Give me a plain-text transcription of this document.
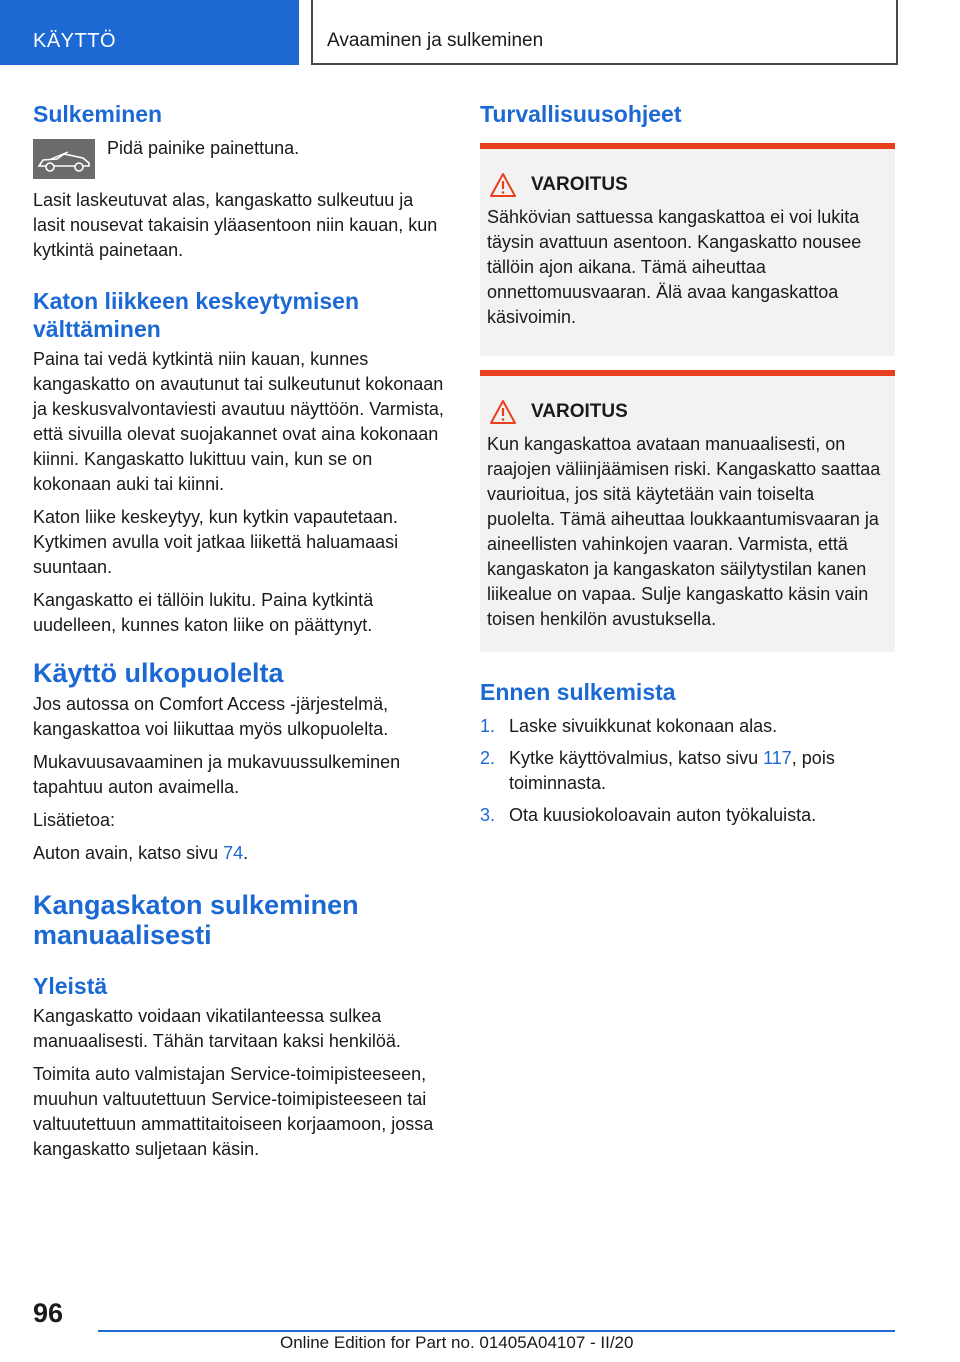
KÄYTTÖ	Avaaminen ja sulkeminen
Sulkeminen

Pidä painike painettuna.

Lasit laskeutuvat alas, kangaskatto sulkeutuu ja lasit nousevat takaisin yläasentoon niin kauan, kun kytkintä painetaan.

Katon liikkeen keskeytymisen välttäminen

Paina tai vedä kytkintä niin kauan, kunnes kangaskatto on avautunut tai sulkeutunut kokonaan ja keskusvalvontaviesti avautuu näyttöön. Varmista, että sivuilla olevat suojakannet ovat aina kokonaan kiinni. Kangaskatto lukittuu vain, kun se on kokonaan auki tai kiinni.

Katon liike keskeytyy, kun kytkin vapautetaan. Kytkimen avulla voit jatkaa liikettä haluamaasi suuntaan.

Kangaskatto ei tällöin lukitu. Paina kytkintä uudelleen, kunnes katon liike on päättynyt.

Käyttö ulkopuolelta

Jos autossa on Comfort Access -järjestelmä, kangaskattoa voi liikuttaa myös ulkopuolelta.

Mukavuusavaaminen ja mukavuussulkeminen tapahtuu auton avaimella.

Lisätietoa:

Auton avain, katso sivu 74.

Kangaskaton sulkeminen manuaalisesti
Yleistä

Kangaskatto voidaan vikatilanteessa sulkea manuaalisesti. Tähän tarvitaan kaksi henkilöä.

Toimita auto valmistajan Service-toimipisteeseen, muuhun valtuutettuun Service-toimipisteeseen tai valtuutettuun ammattitaitoiseen korjaamoon, jossa kangaskatto suljetaan käsin.

Turvallisuusohjeet
VAROITUS

Sähkövian sattuessa kangaskattoa ei voi lukita täysin avattuun asentoon. Kangaskatto nousee tällöin ajon aikana. Tämä aiheuttaa onnettomuusvaaran. Älä avaa kangaskattoa käsivoimin.

VAROITUS

Kun kangaskattoa avataan manuaalisesti, on raajojen väliinjäämisen riski. Kangaskatto saattaa vaurioitua, jos sitä käytetään vain toiselta puolelta. Tämä aiheuttaa loukkaantumisvaaran ja aineellisten vahinkojen vaaran. Varmista, että kangaskaton ja kangaskaton säilytystilan kanen liikealue on vapaa. Sulje kangaskatto käsin vain toisen henkilön avustuksella.

Ennen sulkemista
1. Laske sivuikkunat kokonaan alas.
2. Kytke käyttövalmius, katso sivu 117, pois toiminnasta.
3. Ota kuusiokoloavain auton työkaluista.
96
Online Edition for Part no. 01405A04107 - II/20
